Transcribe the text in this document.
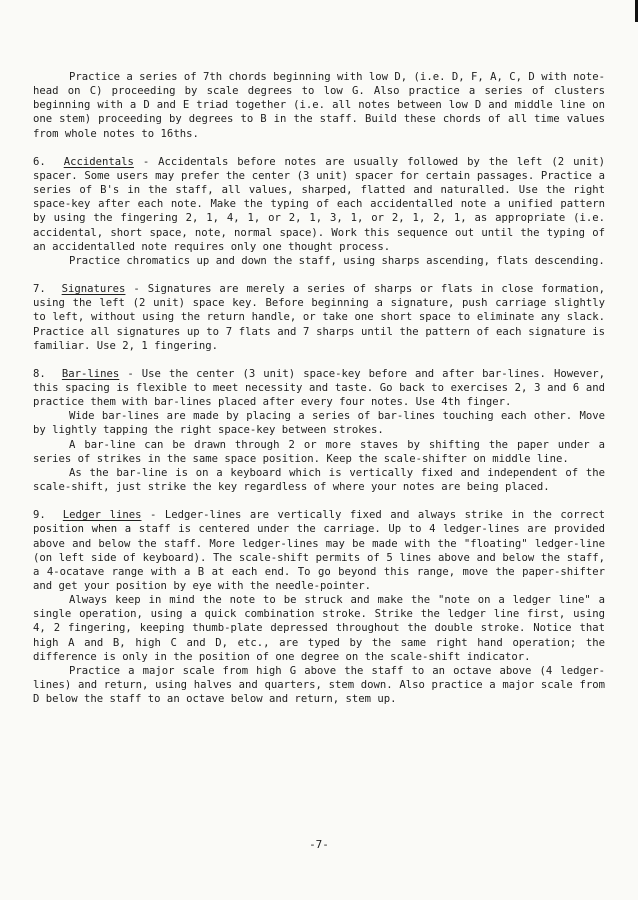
Practice a series of 7th chords beginning with low D, (i.e. D, F, A, C, D with note-head on C) proceeding by scale degrees to low G. Also practice a series of clusters beginning with a D and E triad together (i.e. all notes between low D and middle line on one stem) proceeding by degrees to B in the staff. Build these chords of all time values from whole notes to 16ths.

6. Accidentals - Accidentals before notes are usually followed by the left (2 unit) spacer. Some users may prefer the center (3 unit) spacer for certain passages. Practice a series of B's in the staff, all values, sharped, flatted and naturalled. Use the right space-key after each note. Make the typing of each accidentalled note a unified pattern by using the fingering 2, 1, 4, 1, or 2, 1, 3, 1, or 2, 1, 2, 1, as appropriate (i.e. accidental, short space, note, normal space). Work this sequence out until the typing of an accidentalled note requires only one thought process.

Practice chromatics up and down the staff, using sharps ascending, flats descending.

7. Signatures - Signatures are merely a series of sharps or flats in close formation, using the left (2 unit) space key. Before beginning a signature, push carriage slightly to left, without using the return handle, or take one short space to eliminate any slack. Practice all signatures up to 7 flats and 7 sharps until the pattern of each signature is familiar. Use 2, 1 fingering.

8. Bar-lines - Use the center (3 unit) space-key before and after bar-lines. However, this spacing is flexible to meet necessity and taste. Go back to exercises 2, 3 and 6 and practice them with bar-lines placed after every four notes. Use 4th finger.

Wide bar-lines are made by placing a series of bar-lines touching each other. Move by lightly tapping the right space-key between strokes.

A bar-line can be drawn through 2 or more staves by shifting the paper under a series of strikes in the same space position. Keep the scale-shifter on middle line.

As the bar-line is on a keyboard which is vertically fixed and independent of the scale-shift, just strike the key regardless of where your notes are being placed.

9. Ledger lines - Ledger-lines are vertically fixed and always strike in the correct position when a staff is centered under the carriage. Up to 4 ledger-lines are provided above and below the staff. More ledger-lines may be made with the "floating" ledger-line (on left side of keyboard). The scale-shift permits of 5 lines above and below the staff, a 4-ocatave range with a B at each end. To go beyond this range, move the paper-shifter and get your position by eye with the needle-pointer.

Always keep in mind the note to be struck and make the "note on a ledger line" a single operation, using a quick combination stroke. Strike the ledger line first, using 4, 2 fingering, keeping thumb-plate depressed throughout the double stroke. Notice that high A and B, high C and D, etc., are typed by the same right hand operation; the difference is only in the position of one degree on the scale-shift indicator.

Practice a major scale from high G above the staff to an octave above (4 ledger-lines) and return, using halves and quarters, stem down. Also practice a major scale from D below the staff to an octave below and return, stem up.

-7-
